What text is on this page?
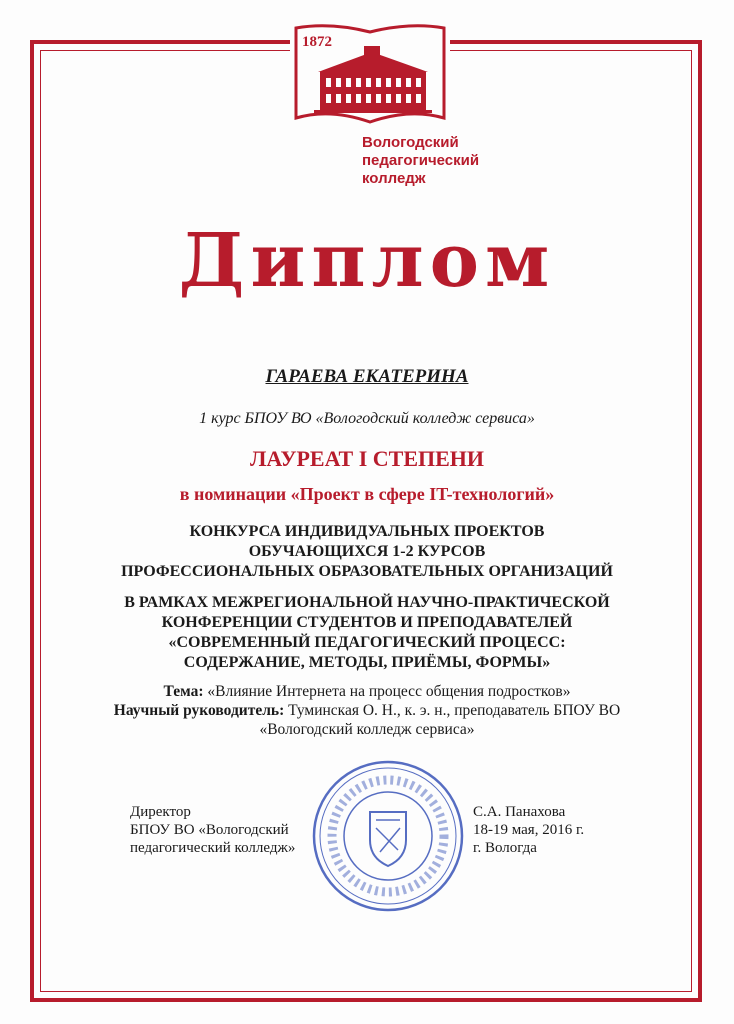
1872
Вологодский
педагогический
колледж
Диплом
ГАРАЕВА ЕКАТЕРИНА
1 курс БПОУ ВО «Вологодский колледж сервиса»
ЛАУРЕАТ I СТЕПЕНИ
в номинации «Проект в сфере IT-технологий»
КОНКУРСА ИНДИВИДУАЛЬНЫХ ПРОЕКТОВ
ОБУЧАЮЩИХСЯ 1-2 КУРСОВ
ПРОФЕССИОНАЛЬНЫХ ОБРАЗОВАТЕЛЬНЫХ ОРГАНИЗАЦИЙ
В РАМКАХ МЕЖРЕГИОНАЛЬНОЙ НАУЧНО-ПРАКТИЧЕСКОЙ
КОНФЕРЕНЦИИ СТУДЕНТОВ И ПРЕПОДАВАТЕЛЕЙ
«СОВРЕМЕННЫЙ ПЕДАГОГИЧЕСКИЙ ПРОЦЕСС:
СОДЕРЖАНИЕ, МЕТОДЫ, ПРИЁМЫ, ФОРМЫ»
Тема: «Влияние Интернета на процесс общения подростков»
Научный руководитель: Туминская О. Н., к. э. н., преподаватель БПОУ ВО
«Вологодский колледж сервиса»
Директор
БПОУ ВО «Вологодский
педагогический колледж»
С.А. Панахова
18-19 мая, 2016 г.
г. Вологда
